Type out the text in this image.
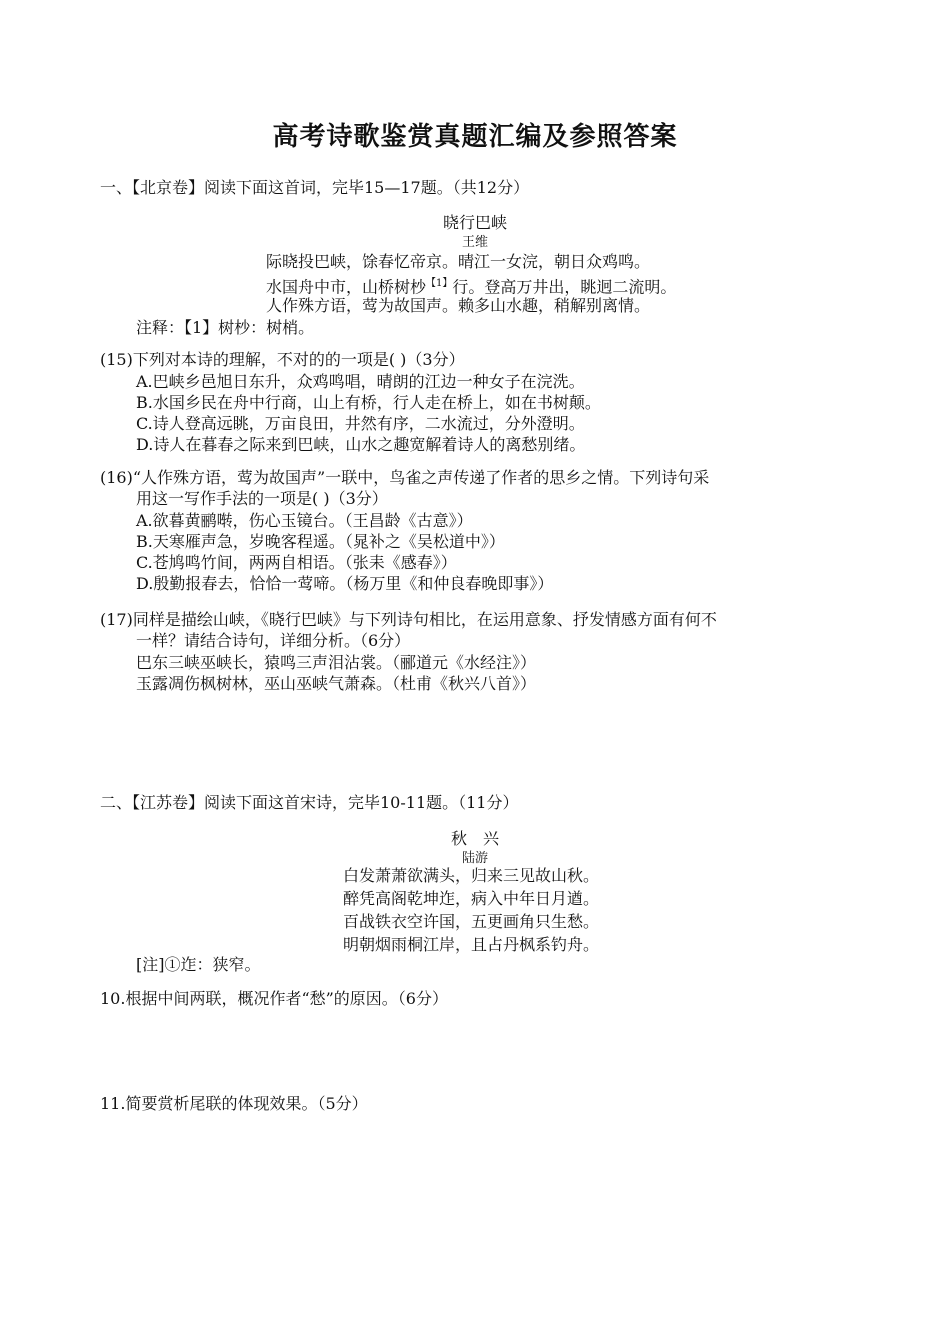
高考诗歌鉴赏真题汇编及参照答案
一、【北京卷】阅读下面这首词，完毕15—17题。（共12分）
晓行巴峡
王维
际晓投巴峡，馀春忆帝京。晴江一女浣，朝日众鸡鸣。
水国舟中市，山桥树杪$^{【1】}$行。登高万井出，眺迥二流明。
人作殊方语，莺为故国声。赖多山水趣，稍解别离情。
注释：【1】树杪：树梢。
(15)下列对本诗的理解，不对的的一项是( )（3分）
A.巴峡乡邑旭日东升，众鸡鸣唱，晴朗的江边一种女子在浣洗。
B.水国乡民在舟中行商，山上有桥，行人走在桥上，如在书树颠。
C.诗人登高远眺，万亩良田，井然有序，二水流过，分外澄明。
D.诗人在暮春之际来到巴峡，山水之趣宽解着诗人的离愁别绪。
(16)“人作殊方语，莺为故国声”一联中，鸟雀之声传递了作者的思乡之情。下列诗句采
用这一写作手法的一项是( )（3分）
A.欲暮黄鹂啭，伤心玉镜台。（王昌龄《古意》）
B.天寒雁声急，岁晚客程遥。（晁补之《吴松道中》）
C.苍鸠鸣竹间，两两自相语。（张耒《感春》）
D.殷勤报春去，恰恰一莺啼。（杨万里《和仲良春晚即事》）
(17)同样是描绘山峡，《晓行巴峡》与下列诗句相比，在运用意象、抒发情感方面有何不
一样？请结合诗句，详细分析。（6分）
巴东三峡巫峡长，猿鸣三声泪沾裳。（郦道元《水经注》）
玉露凋伤枫树林，巫山巫峡气萧森。（杜甫《秋兴八首》）
二、【江苏卷】阅读下面这首宋诗，完毕10-11题。（11分）
秋　兴
陆游
白发萧萧欲满头，归来三见故山秋。
醉凭高阁乾坤迮，病入中年日月遒。
百战铁衣空许国，五更画角只生愁。
明朝烟雨桐江岸，且占丹枫系钓舟。
[注]①迮：狭窄。
10.根据中间两联，概况作者“愁”的原因。（6分）
11.简要赏析尾联的体现效果。（5分）
